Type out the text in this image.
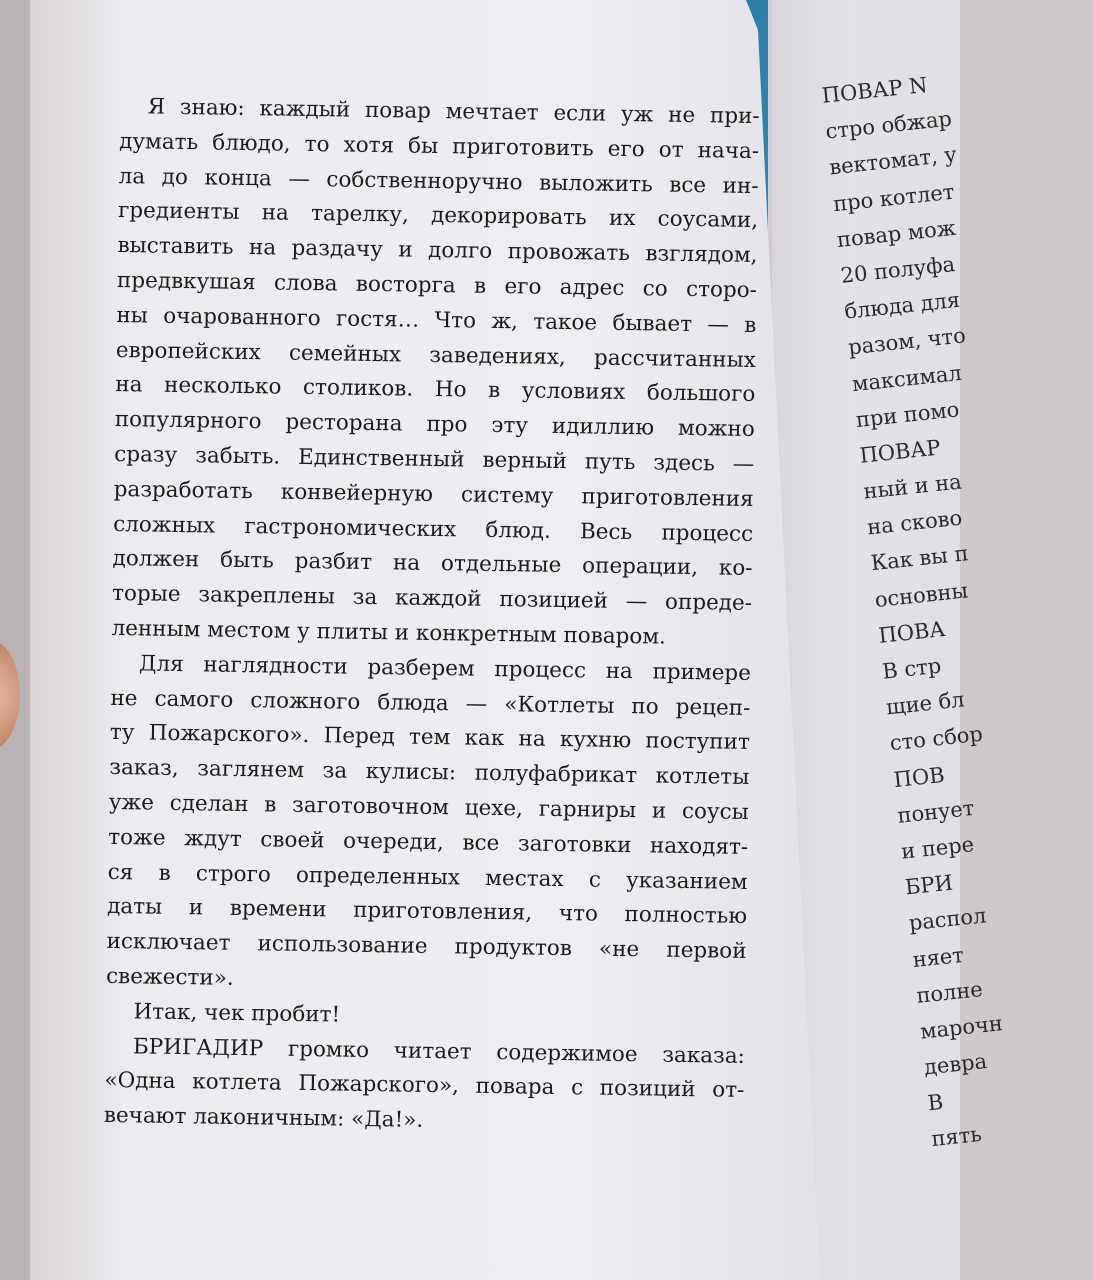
Я знаю: каждый повар мечтает если уж не при-
думать блюдо, то хотя бы приготовить его от нача-
ла до конца — собственноручно выложить все ин-
гредиенты на тарелку, декорировать их соусами,
выставить на раздачу и долго провожать взглядом,
предвкушая слова восторга в его адрес со сторо-
ны очарованного гостя… Что ж, такое бывает — в
европейских семейных заведениях, рассчитанных
на несколько столиков. Но в условиях большого
популярного ресторана про эту идиллию можно
сразу забыть. Единственный верный путь здесь —
разработать конвейерную систему приготовления
сложных гастрономических блюд. Весь процесс
должен быть разбит на отдельные операции, ко-
торые закреплены за каждой позицией — опреде-
ленным местом у плиты и конкретным поваром.
Для наглядности разберем процесс на примере
не самого сложного блюда — «Котлеты по рецеп-
ту Пожарского». Перед тем как на кухню поступит
заказ, заглянем за кулисы: полуфабрикат котлеты
уже сделан в заготовочном цехе, гарниры и соусы
тоже ждут своей очереди, все заготовки находят-
ся в строго определенных местах с указанием
даты и времени приготовления, что полностью
исключает использование продуктов «не первой
свежести».
Итак, чек пробит!
БРИГАДИР громко читает содержимое заказа:
«Одна котлета Пожарского», повара с позиций от-
вечают лаконичным: «Да!».
ПОВАР N
стро обжар
вектомат, у
про котлет
повар мож
20 полуфа
блюда для
разом, что
максимал
при помо
ПОВАР
ный и на
на сково
Как вы п
основны
ПОВА
В стр
щие бл
сто сбор
ПОВ
понует
и пере
БРИ
распол
няет
полне
марочн
девра
В
пять
